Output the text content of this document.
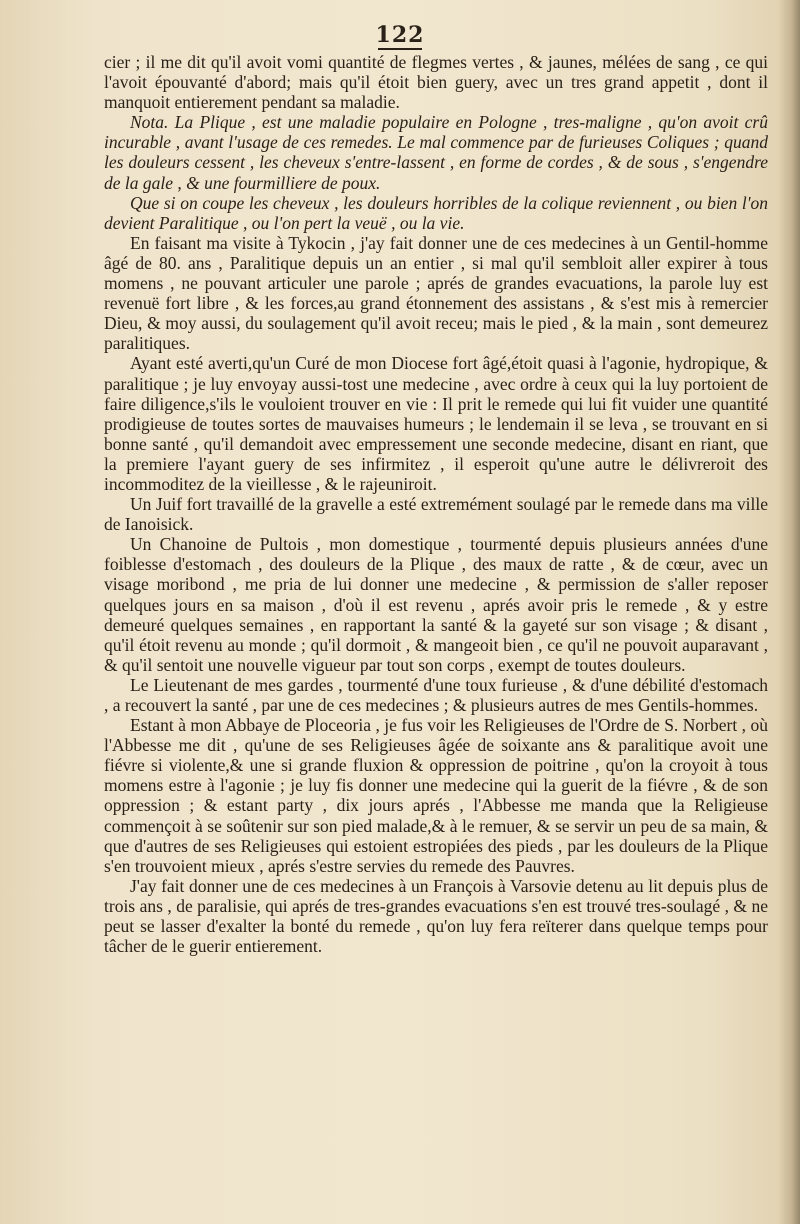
122

cier ; il me dit qu'il avoit vomi quantité de flegmes vertes , & jaunes, mélées de sang , ce qui l'avoit épouvanté d'abord; mais qu'il étoit bien guery, avec un tres grand appetit , dont il manquoit entierement pendant sa maladie.

Nota. La Plique , est une maladie populaire en Pologne , tres-maligne , qu'on avoit crû incurable , avant l'usage de ces remedes. Le mal commence par de furieuses Coliques ; quand les douleurs cessent , les cheveux s'entre-lassent , en forme de cordes , & de sous , s'engendre de la gale , & une fourmilliere de poux.

Que si on coupe les cheveux , les douleurs horribles de la colique reviennent , ou bien l'on devient Paralitique , ou l'on pert la veuë , ou la vie.

En faisant ma visite à Tykocin , j'ay fait donner une de ces medecines à un Gentil-homme âgé de 80. ans , Paralitique depuis un an entier , si mal qu'il sembloit aller expirer à tous momens , ne pouvant articuler une parole ; aprés de grandes evacuations, la parole luy est revenuë fort libre , & les forces,au grand étonnement des assistans , & s'est mis à remercier Dieu, & moy aussi, du soulagement qu'il avoit receu; mais le pied , & la main , sont demeurez paralitiques.

Ayant esté averti,qu'un Curé de mon Diocese fort âgé,étoit quasi à l'agonie, hydropique, & paralitique ; je luy envoyay aussi-tost une medecine , avec ordre à ceux qui la luy portoient de faire diligence,s'ils le vouloient trouver en vie : Il prit le remede qui lui fit vuider une quantité prodigieuse de toutes sortes de mauvaises humeurs ; le lendemain il se leva , se trouvant en si bonne santé , qu'il demandoit avec empressement une seconde medecine, disant en riant, que la premiere l'ayant guery de ses infirmitez , il esperoit qu'une autre le délivreroit des incommoditez de la vieillesse , & le rajeuniroit.

Un Juif fort travaillé de la gravelle a esté extremément soulagé par le remede dans ma ville de Ianoisick.

Un Chanoine de Pultois , mon domestique , tourmenté depuis plusieurs années d'une foiblesse d'estomach , des douleurs de la Plique , des maux de ratte , & de cœur, avec un visage moribond , me pria de lui donner une medecine , & permission de s'aller reposer quelques jours en sa maison , d'où il est revenu , aprés avoir pris le remede , & y estre demeuré quelques semaines , en rapportant la santé & la gayeté sur son visage ; & disant , qu'il étoit revenu au monde ; qu'il dormoit , & mangeoit bien , ce qu'il ne pouvoit auparavant , & qu'il sentoit une nouvelle vigueur par tout son corps , exempt de toutes douleurs.

Le Lieutenant de mes gardes , tourmenté d'une toux furieuse , & d'une débilité d'estomach , a recouvert la santé , par une de ces medecines ; & plusieurs autres de mes Gentils-hommes.

Estant à mon Abbaye de Ploceoria , je fus voir les Religieuses de l'Ordre de S. Norbert , où l'Abbesse me dit , qu'une de ses Religieuses âgée de soixante ans & paralitique avoit une fiévre si violente,& une si grande fluxion & oppression de poitrine , qu'on la croyoit à tous momens estre à l'agonie ; je luy fis donner une medecine qui la guerit de la fiévre , & de son oppression ; & estant party , dix jours aprés , l'Abbesse me manda que la Religieuse commençoit à se soûtenir sur son pied malade,& à le remuer, & se servir un peu de sa main, & que d'autres de ses Religieuses qui estoient estropiées des pieds , par les douleurs de la Plique s'en trouvoient mieux , aprés s'estre servies du remede des Pauvres.

J'ay fait donner une de ces medecines à un François à Varsovie detenu au lit depuis plus de trois ans , de paralisie, qui aprés de tres-grandes evacuations s'en est trouvé tres-soulagé , & ne peut se lasser d'exalter la bonté du remede , qu'on luy fera reïterer dans quelque temps pour tâcher de le guerir entierement.
